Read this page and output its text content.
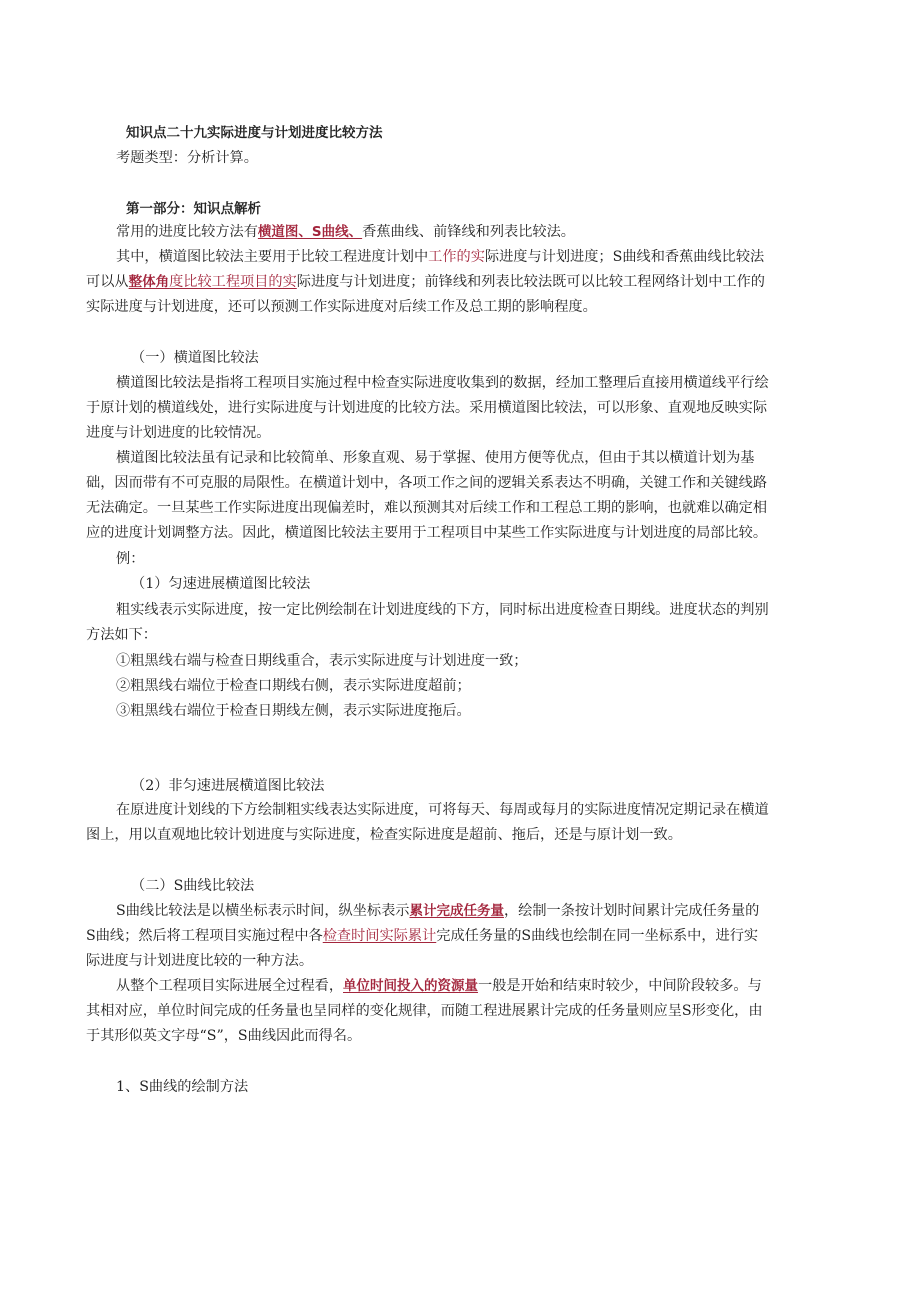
知识点二十九实际进度与计划进度比较方法
考题类型：分析计算。
第一部分：知识点解析
常用的进度比较方法有横道图、S曲线、香蕉曲线、前锋线和列表比较法。
其中，横道图比较法主要用于比较工程进度计划中工作的实际进度与计划进度；S曲线和香蕉曲线比较法
可以从整体角度比较工程项目的实际进度与计划进度；前锋线和列表比较法既可以比较工程网络计划中工作的
实际进度与计划进度，还可以预测工作实际进度对后续工作及总工期的影响程度。
（一）横道图比较法
横道图比较法是指将工程项目实施过程中检查实际进度收集到的数据，经加工整理后直接用横道线平行绘
于原计划的横道线处，进行实际进度与计划进度的比较方法。采用横道图比较法，可以形象、直观地反映实际
进度与计划进度的比较情况。
横道图比较法虽有记录和比较简单、形象直观、易于掌握、使用方便等优点，但由于其以横道计划为基
础，因而带有不可克服的局限性。在横道计划中，各项工作之间的逻辑关系表达不明确，关键工作和关键线路
无法确定。一旦某些工作实际进度出现偏差时，难以预测其对后续工作和工程总工期的影响，也就难以确定相
应的进度计划调整方法。因此，横道图比较法主要用于工程项目中某些工作实际进度与计划进度的局部比较。
例：
（1）匀速进展横道图比较法
粗实线表示实际进度，按一定比例绘制在计划进度线的下方，同时标出进度检查日期线。进度状态的判别
方法如下：
①粗黑线右端与检查日期线重合，表示实际进度与计划进度一致；
②粗黑线右端位于检查口期线右侧，表示实际进度超前；
③粗黑线右端位于检查日期线左侧，表示实际进度拖后。
（2）非匀速进展横道图比较法
在原进度计划线的下方绘制粗实线表达实际进度，可将每天、每周或每月的实际进度情况定期记录在横道
图上，用以直观地比较计划进度与实际进度，检查实际进度是超前、拖后，还是与原计划一致。
（二）S曲线比较法
S曲线比较法是以横坐标表示时间，纵坐标表示累计完成任务量，绘制一条按计划时间累计完成任务量的
S曲线；然后将工程项目实施过程中各检查时间实际累计完成任务量的S曲线也绘制在同一坐标系中，进行实
际进度与计划进度比较的一种方法。
从整个工程项目实际进展全过程看，单位时间投入的资源量一般是开始和结束时较少，中间阶段较多。与
其相对应，单位时间完成的任务量也呈同样的变化规律，而随工程进展累计完成的任务量则应呈S形变化，由
于其形似英文字母“S”，S曲线因此而得名。
1、S曲线的绘制方法
